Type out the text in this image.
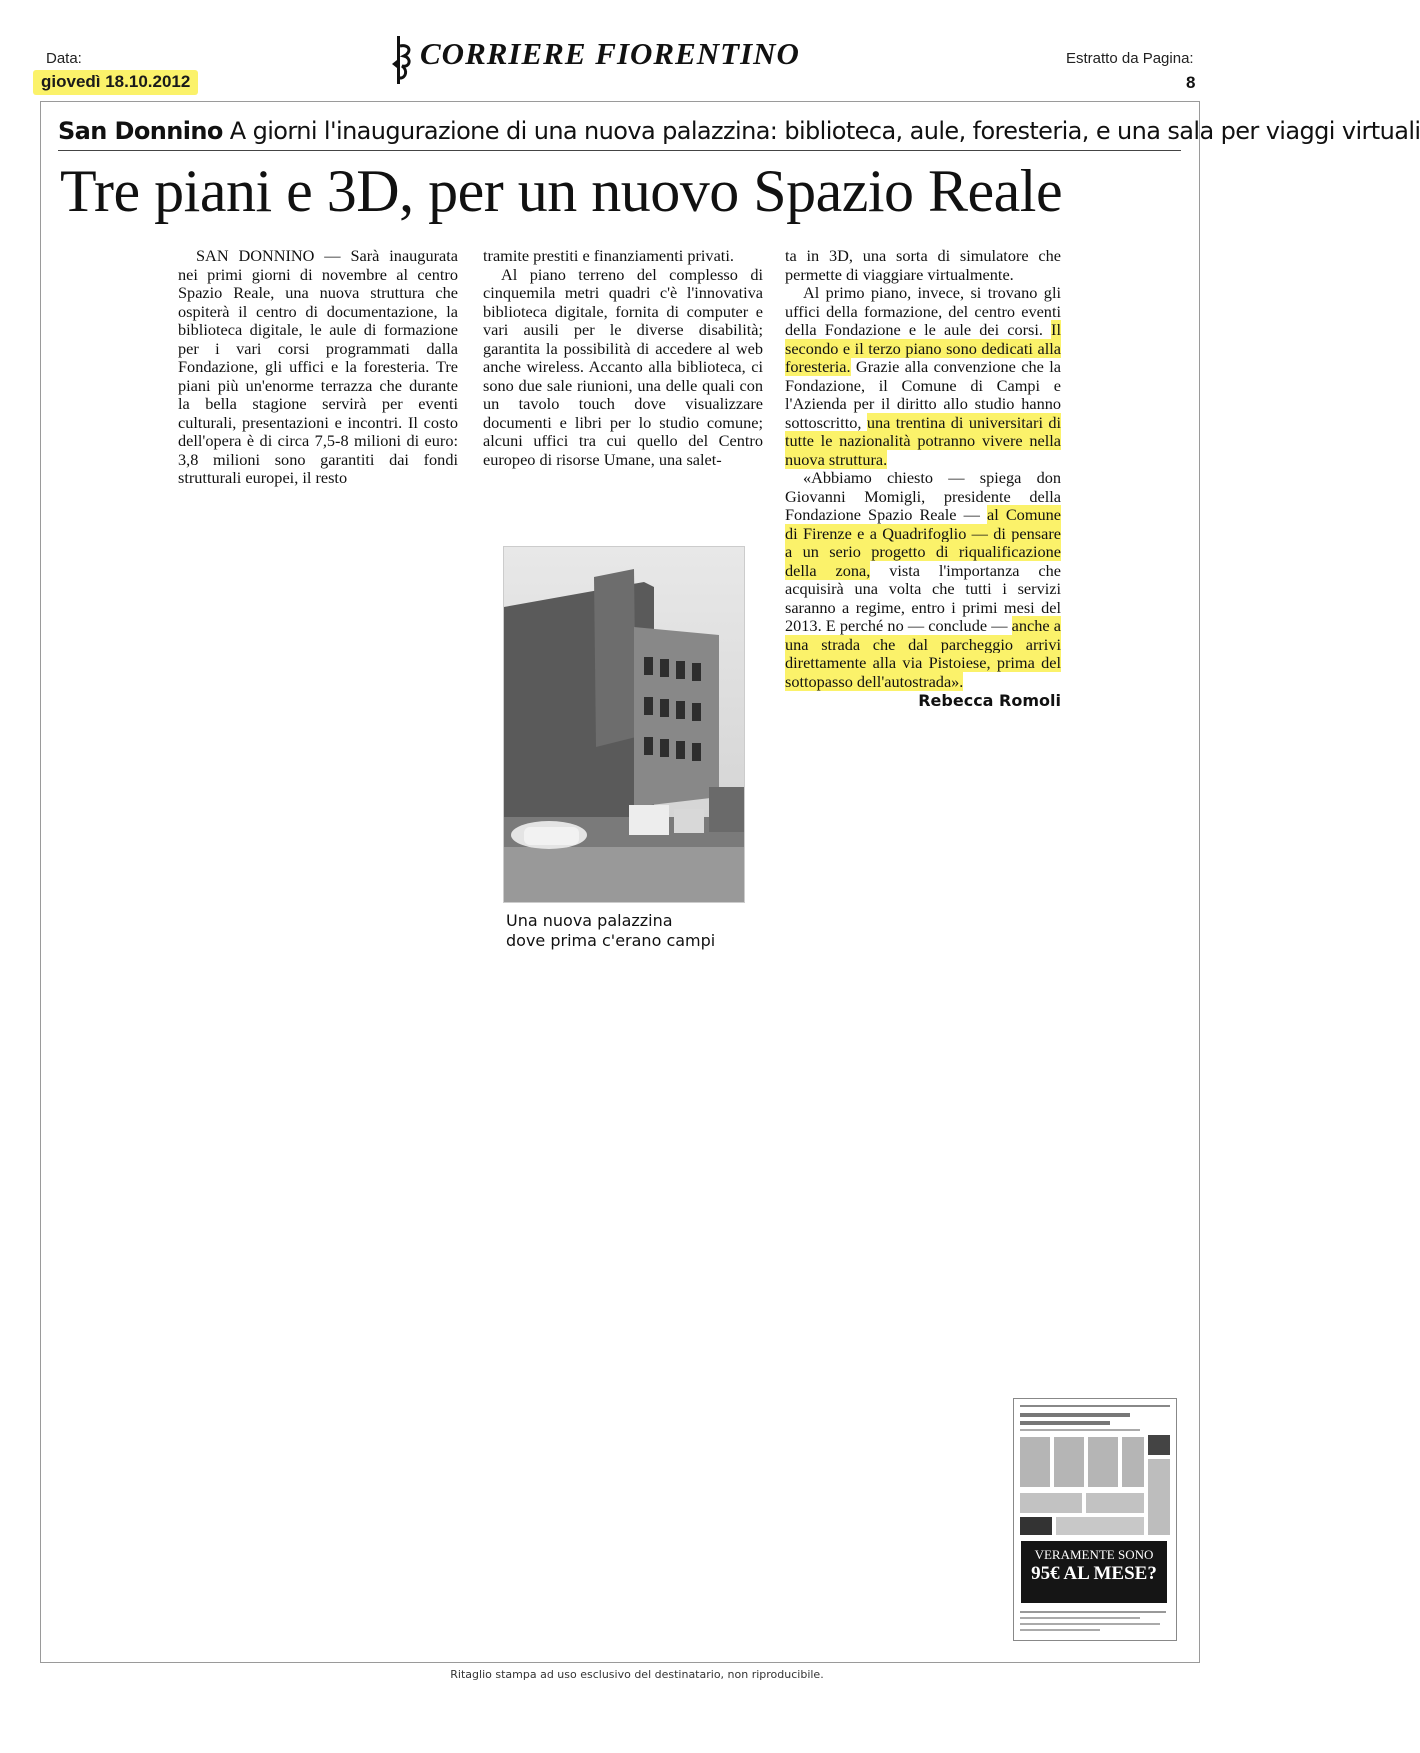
Data:
giovedì 18.10.2012
CORRIERE FIORENTINO	Estratto da Pagina:
8
San Donnino A giorni l'inaugurazione di una nuova palazzina: biblioteca, aule, foresteria, e una sala per viaggi virtuali
Tre piani e 3D, per un nuovo Spazio Reale

SAN DONNINO — Sarà inaugurata nei primi giorni di novembre al centro Spazio Reale, una nuova struttura che ospiterà il centro di documentazione, la biblioteca digitale, le aule di formazione per i vari corsi programmati dalla Fondazione, gli uffici e la foresteria. Tre piani più un'enorme terrazza che durante la bella stagione servirà per eventi culturali, presentazioni e incontri. Il costo dell'opera è di circa 7,5-8 milioni di euro: 3,8 milioni sono garantiti dai fondi strutturali europei, il resto

tramite prestiti e finanziamenti privati.

Al piano terreno del complesso di cinquemila metri quadri c'è l'innovativa biblioteca digitale, fornita di computer e vari ausili per le diverse disabilità; garantita la possibilità di accedere al web anche wireless. Accanto alla biblioteca, ci sono due sale riunioni, una delle quali con un tavolo touch dove visualizzare documenti e libri per lo studio comune; alcuni uffici tra cui quello del Centro europeo di risorse Umane, una salet-

Una nuova palazzina
dove prima c'erano campi

ta in 3D, una sorta di simulatore che permette di viaggiare virtualmente.

Al primo piano, invece, si trovano gli uffici della formazione, del centro eventi della Fondazione e le aule dei corsi. Il secondo e il terzo piano sono dedicati alla foresteria. Grazie alla convenzione che la Fondazione, il Comune di Campi e l'Azienda per il diritto allo studio hanno sottoscritto, una trentina di universitari di tutte le nazionalità potranno vivere nella nuova struttura.

«Abbiamo chiesto — spiega don Giovanni Momigli, presidente della Fondazione Spazio Reale — al Comune di Firenze e a Quadrifoglio — di pensare a un serio progetto di riqualificazione della zona, vista l'importanza che acquisirà una volta che tutti i servizi saranno a regime, entro i primi mesi del 2013. E perché no — conclude — anche a una strada che dal parcheggio arrivi direttamente alla via Pistoiese, prima del sottopasso dell'autostrada».

Rebecca Romoli
VERAMENTE SONO
95€ AL MESE?
Ritaglio stampa ad uso esclusivo del destinatario, non riproducibile.
